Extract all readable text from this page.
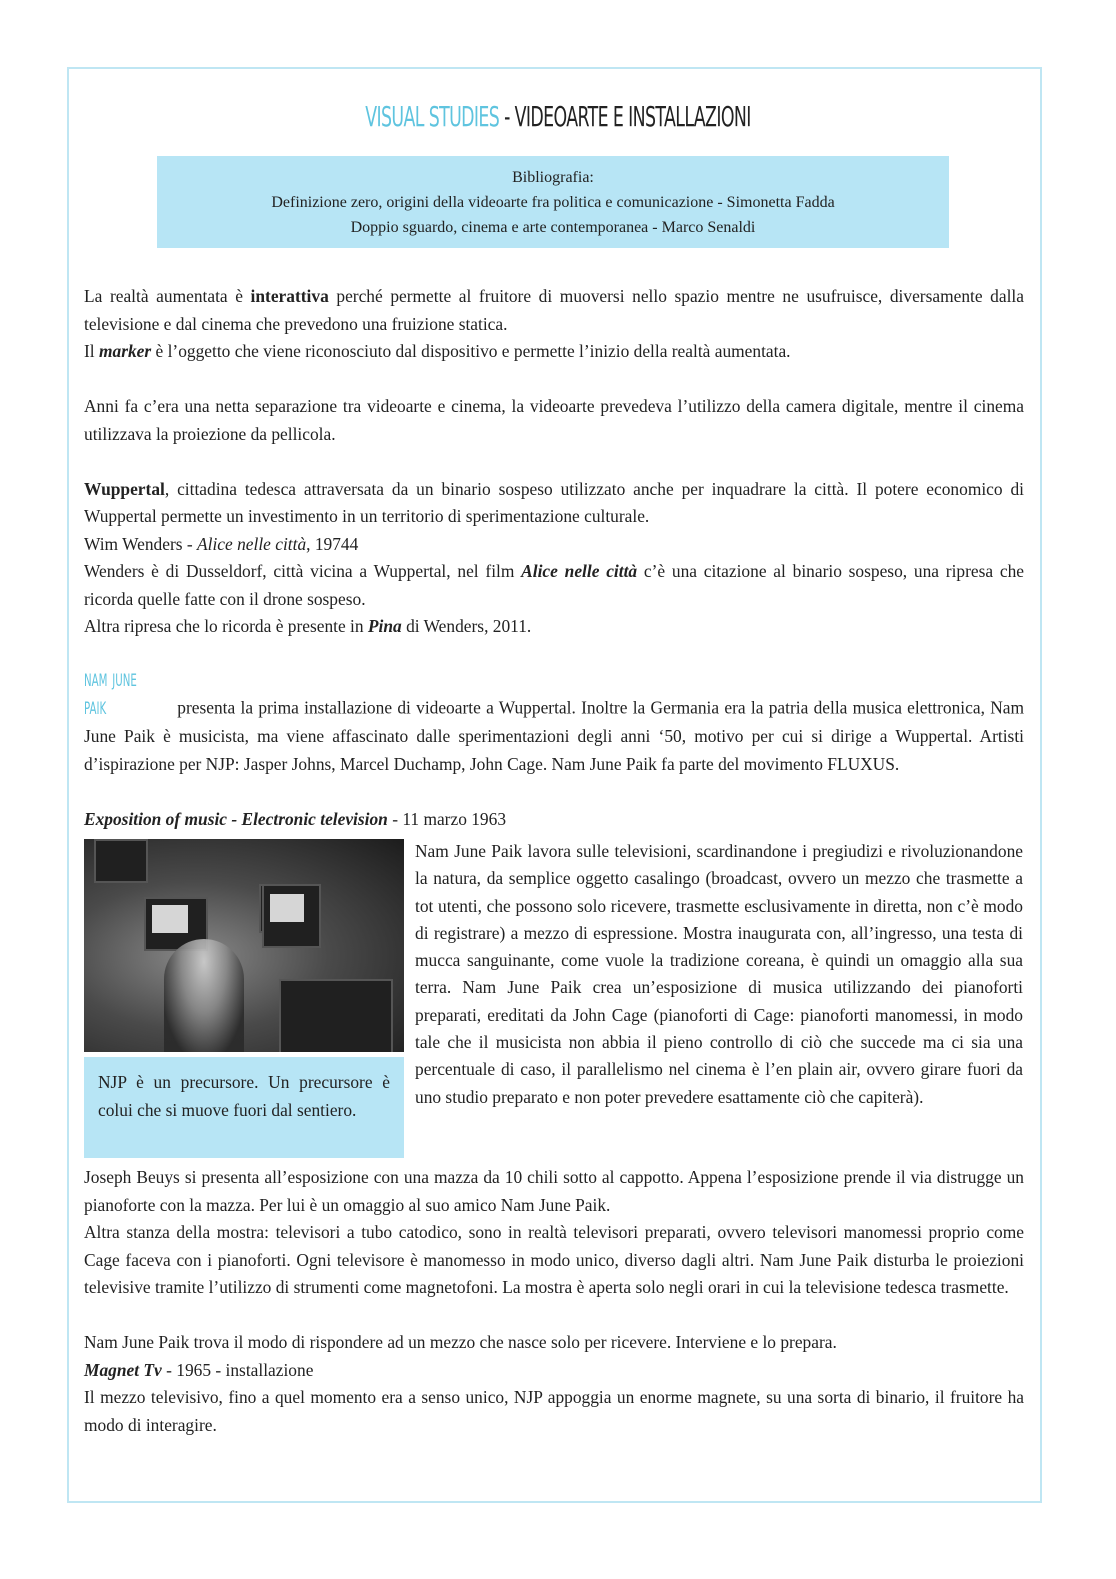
VISUAL STUDIES - VIDEOARTE E INSTALLAZIONI
Bibliografia:
Definizione zero, origini della videoarte fra politica e comunicazione - Simonetta Fadda
Doppio sguardo, cinema e arte contemporanea - Marco Senaldi

La realtà aumentata è interattiva perché permette al fruitore di muoversi nello spazio mentre ne usufruisce, diversamente dalla televisione e dal cinema che prevedono una fruizione statica.

Il marker è l’oggetto che viene riconosciuto dal dispositivo e permette l’inizio della realtà aumentata.

Anni fa c’era una netta separazione tra videoarte e cinema, la videoarte prevedeva l’utilizzo della camera digitale, mentre il cinema utilizzava la proiezione da pellicola.

Wuppertal, cittadina tedesca attraversata da un binario sospeso utilizzato anche per inquadrare la città. Il potere economico di Wuppertal permette un investimento in un territorio di sperimentazione culturale.

Wim Wenders - Alice nelle città, 19744

Wenders è di Dusseldorf, città vicina a Wuppertal, nel film Alice nelle città c’è una citazione al binario sospeso, una ripresa che ricorda quelle fatte con il drone sospeso.

Altra ripresa che lo ricorda è presente in Pina di Wenders, 2011.

NAM JUNE PAIK	presenta la prima installazione di videoarte a Wuppertal. Inoltre la Germania era la patria della musica elettronica, Nam June Paik è musicista, ma viene affascinato dalle sperimentazioni degli anni ‘50, motivo per cui si dirige a Wuppertal. Artisti d’ispirazione per NJP: Jasper Johns, Marcel Duchamp, John Cage. Nam June Paik fa parte del movimento FLUXUS.

Exposition of music - Electronic television - 11 marzo 1963

NJP è un precursore. Un precursore è colui che si muove fuori dal sentiero.

Nam June Paik lavora sulle televisioni, scardinandone i pregiudizi e rivoluzionandone la natura, da semplice oggetto casalingo (broadcast, ovvero un mezzo che trasmette a tot utenti, che possono solo ricevere, trasmette esclusivamente in diretta, non c’è modo di registrare) a mezzo di espressione. Mostra inaugurata con, all’ingresso, una testa di mucca sanguinante, come vuole la tradizione coreana, è quindi un omaggio alla sua terra. Nam June Paik crea un’esposizione di musica utilizzando dei pianoforti preparati, ereditati da John Cage (pianoforti di Cage: pianoforti manomessi, in modo tale che il musicista non abbia il pieno controllo di ciò che succede ma ci sia una percentuale di caso, il parallelismo nel cinema è l’en plain air, ovvero girare fuori da uno studio preparato e non poter prevedere esattamente ciò che capiterà).

Joseph Beuys si presenta all’esposizione con una mazza da 10 chili sotto al cappotto. Appena l’esposizione prende il via distrugge un pianoforte con la mazza. Per lui è un omaggio al suo amico Nam June Paik.

Altra stanza della mostra: televisori a tubo catodico, sono in realtà televisori preparati, ovvero televisori manomessi proprio come Cage faceva con i pianoforti. Ogni televisore è manomesso in modo unico, diverso dagli altri. Nam June Paik disturba le proiezioni televisive tramite l’utilizzo di strumenti come magnetofoni. La mostra è aperta solo negli orari in cui la televisione tedesca trasmette.

Nam June Paik trova il modo di rispondere ad un mezzo che nasce solo per ricevere. Interviene e lo prepara.

Magnet Tv - 1965 - installazione

Il mezzo televisivo, fino a quel momento era a senso unico, NJP appoggia un enorme magnete, su una sorta di binario, il fruitore ha modo di interagire.
